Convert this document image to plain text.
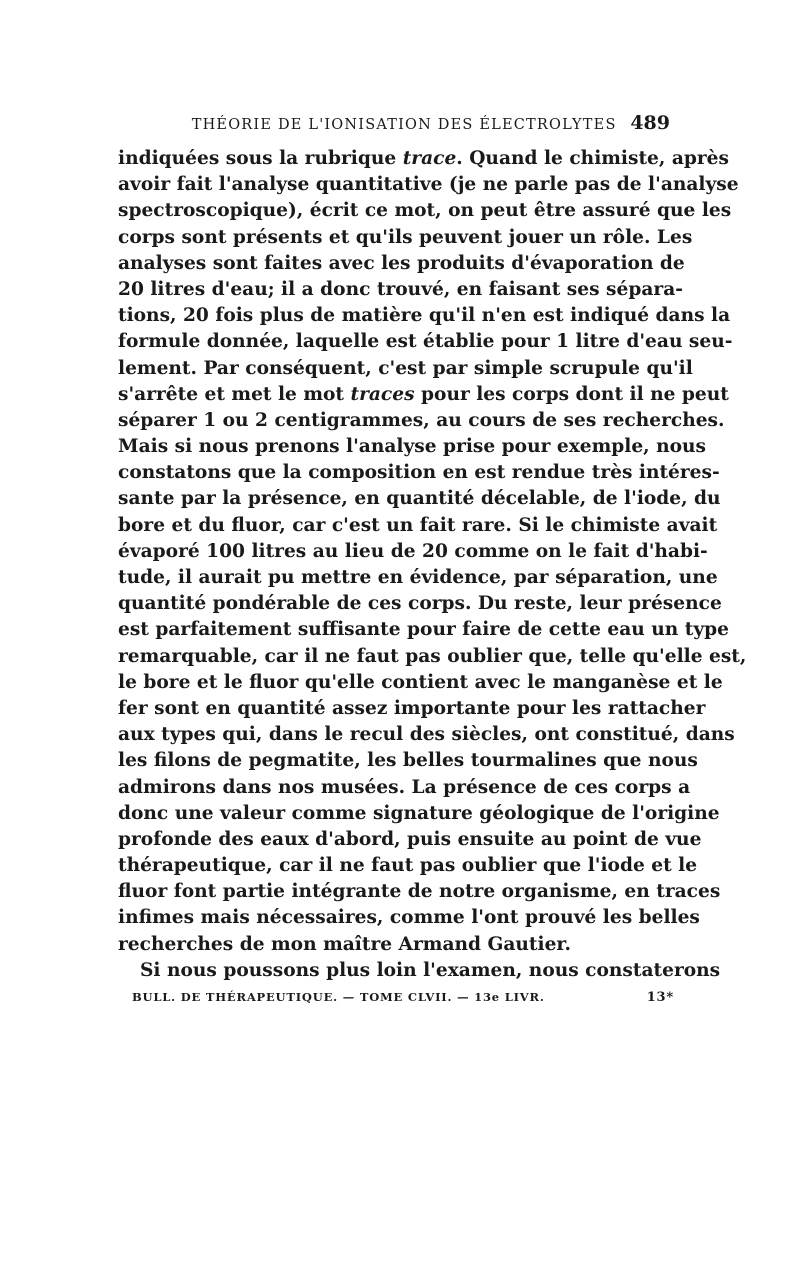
THÉORIE DE L'IONISATION DES ÉLECTROLYTES 489
indiquées sous la rubrique trace. Quand le chimiste, après
avoir fait l'analyse quantitative (je ne parle pas de l'analyse
spectroscopique), écrit ce mot, on peut être assuré que les
corps sont présents et qu'ils peuvent jouer un rôle. Les
analyses sont faites avec les produits d'évaporation de
20 litres d'eau; il a donc trouvé, en faisant ses sépara-
tions, 20 fois plus de matière qu'il n'en est indiqué dans la
formule donnée, laquelle est établie pour 1 litre d'eau seu-
lement. Par conséquent, c'est par simple scrupule qu'il
s'arrête et met le mot traces pour les corps dont il ne peut
séparer 1 ou 2 centigrammes, au cours de ses recherches.
Mais si nous prenons l'analyse prise pour exemple, nous
constatons que la composition en est rendue très intéres-
sante par la présence, en quantité décelable, de l'iode, du
bore et du fluor, car c'est un fait rare. Si le chimiste avait
évaporé 100 litres au lieu de 20 comme on le fait d'habi-
tude, il aurait pu mettre en évidence, par séparation, une
quantité pondérable de ces corps. Du reste, leur présence
est parfaitement suffisante pour faire de cette eau un type
remarquable, car il ne faut pas oublier que, telle qu'elle est,
le bore et le fluor qu'elle contient avec le manganèse et le
fer sont en quantité assez importante pour les rattacher
aux types qui, dans le recul des siècles, ont constitué, dans
les filons de pegmatite, les belles tourmalines que nous
admirons dans nos musées. La présence de ces corps a
donc une valeur comme signature géologique de l'origine
profonde des eaux d'abord, puis ensuite au point de vue
thérapeutique, car il ne faut pas oublier que l'iode et le
fluor font partie intégrante de notre organisme, en traces
infimes mais nécessaires, comme l'ont prouvé les belles
recherches de mon maître Armand Gautier.
Si nous poussons plus loin l'examen, nous constaterons
BULL. DE THÉRAPEUTIQUE. — TOME CLVII. — 13e LIVR.	13*
